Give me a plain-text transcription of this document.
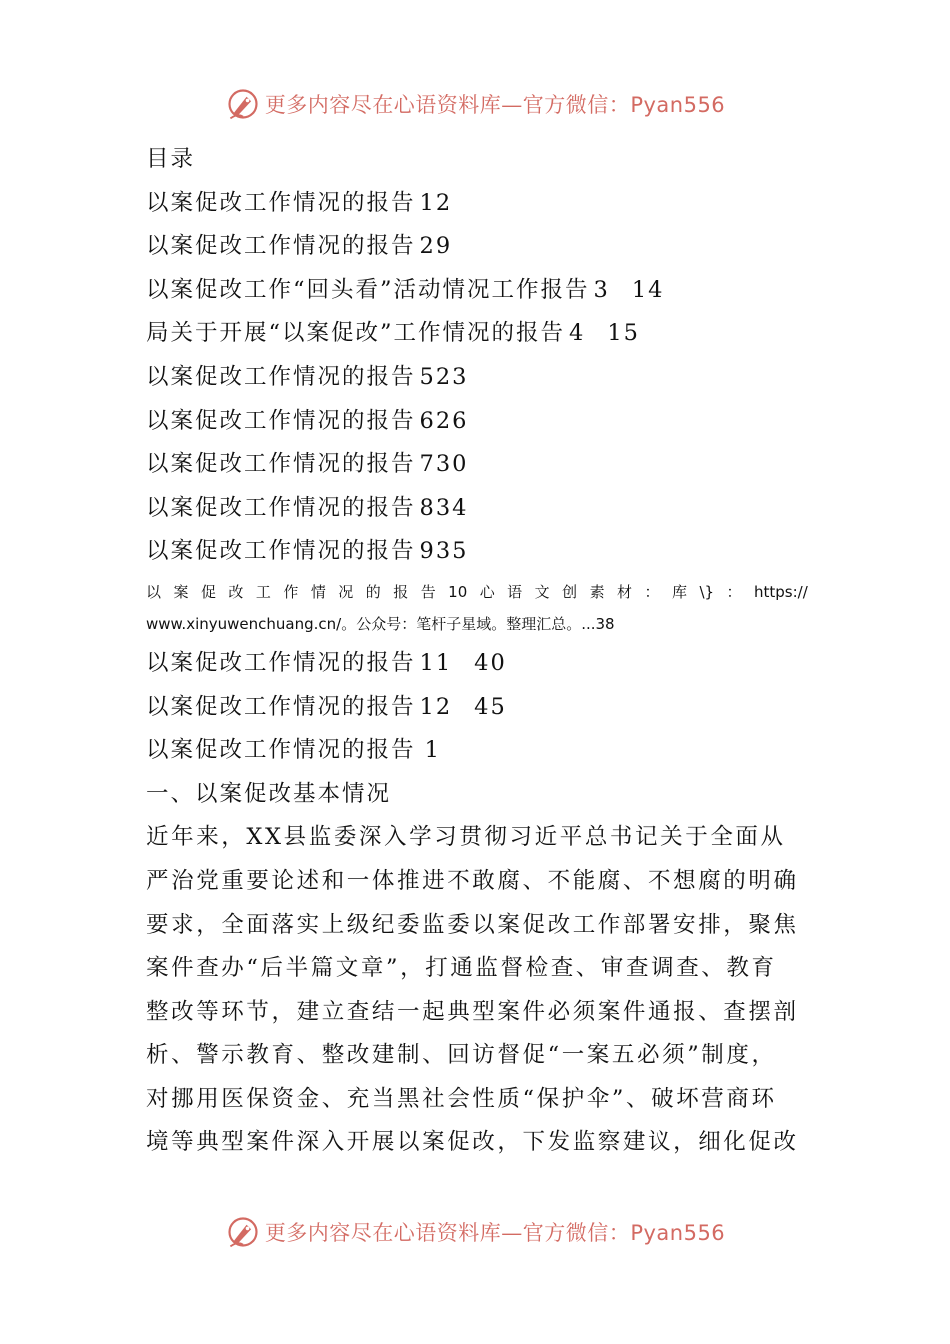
更多内容尽在心语资料库—官方微信：Pyan556
目录
以案促改工作情况的报告 12
以案促改工作情况的报告 29
以案促改工作“回头看”活动情况工作报告 3 14
局关于开展“以案促改”工作情况的报告 4 15
以案促改工作情况的报告 523
以案促改工作情况的报告 626
以案促改工作情况的报告 730
以案促改工作情况的报告 834
以案促改工作情况的报告 935
以 案 促 改 工 作 情 况 的 报 告 10 心 语 文 创 素 材 ： 库 \} ： https://
www.xinyuwenchuang.cn/。公众号：笔杆子星域。整理汇总。...38
以案促改工作情况的报告 11 40
以案促改工作情况的报告 12 45
以案促改工作情况的报告 1
一、以案促改基本情况
近年来，XX县监委深入学习贯彻习近平总书记关于全面从
严治党重要论述和一体推进不敢腐、不能腐、不想腐的明确
要求，全面落实上级纪委监委以案促改工作部署安排，聚焦
案件查办“后半篇文章”，打通监督检查、审查调查、教育
整改等环节，建立查结一起典型案件必须案件通报、查摆剖
析、警示教育、整改建制、回访督促“一案五必须”制度，
对挪用医保资金、充当黑社会性质“保护伞”、破坏营商环
境等典型案件深入开展以案促改，下发监察建议，细化促改
更多内容尽在心语资料库—官方微信：Pyan556
